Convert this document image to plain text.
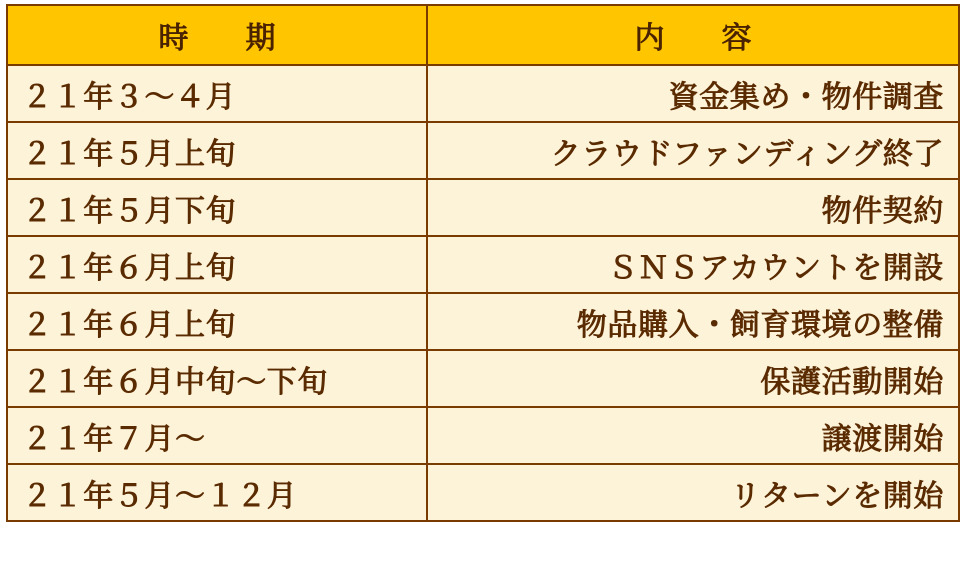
時　期	内　容
２１年３〜４月	資金集め・物件調査
２１年５月上旬	クラウドファンディング終了
２１年５月下旬	物件契約
２１年６月上旬	ＳＮＳアカウントを開設
２１年６月上旬	物品購入・飼育環境の整備
２１年６月中旬〜下旬	保護活動開始
２１年７月〜	譲渡開始
２１年５月〜１２月	リターンを開始
